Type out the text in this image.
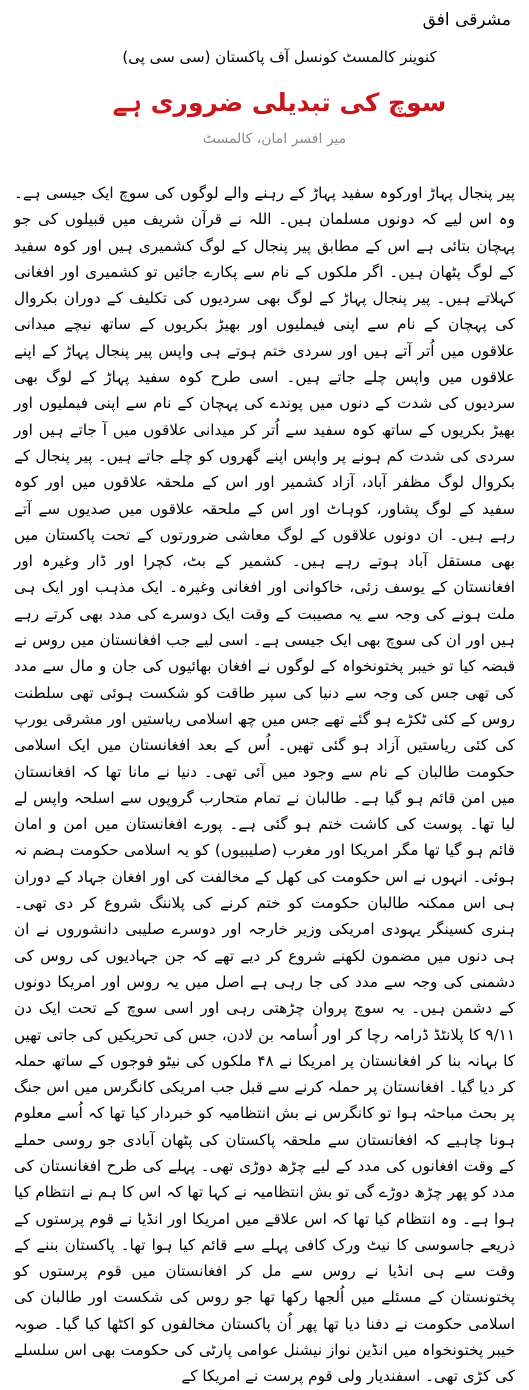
مشرقی افق
کنوینر کالمسٹ کونسل آف پاکستان (سی سی پی)
سوچ کی تبدیلی ضروری ہے
میر افسر امان، کالمسٹ

پیر پنجال پہاڑ اورکوہ سفید پہاڑ کے رہنے والے لوگوں کی سوچ ایک جیسی ہے۔ وہ اس لیے کہ دونوں مسلمان ہیں۔ اللہ نے قرآن شریف میں قبیلوں کی جو پہچان بتائی ہے اس کے مطابق پیر پنجال کے لوگ کشمیری ہیں اور کوہ سفید کے لوگ پٹھان ہیں۔ اگر ملکوں کے نام سے پکارے جائیں تو کشمیری اور افغانی کہلاتے ہیں۔ پیر پنجال پہاڑ کے لوگ بھی سردیوں کی تکلیف کے دوران بکروال کی پہچان کے نام سے اپنی فیملیوں اور بھیڑ بکریوں کے ساتھ نیچے میدانی علاقوں میں اُتر آتے ہیں اور سردی ختم ہوتے ہی واپس پیر پنجال پہاڑ کے اپنے علاقوں میں واپس چلے جاتے ہیں۔ اسی طرح کوہ سفید پہاڑ کے لوگ بھی سردیوں کی شدت کے دنوں میں پوندے کی پہچان کے نام سے اپنی فیملیوں اور بھیڑ بکریوں کے ساتھ کوہ سفید سے اُتر کر میدانی علاقوں میں آ جاتے ہیں اور سردی کی شدت کم ہونے پر واپس اپنے گھروں کو چلے جاتے ہیں۔ پیر پنجال کے بکروال لوگ مظفر آباد، آزاد کشمیر اور اس کے ملحقہ علاقوں میں اور کوہ سفید کے لوگ پشاور، کوہاٹ اور اس کے ملحقہ علاقوں میں صدیوں سے آتے رہے ہیں۔ ان دونوں علاقوں کے لوگ معاشی ضرورتوں کے تحت پاکستان میں بھی مستقل آباد ہوتے رہے ہیں۔ کشمیر کے بٹ، کچرا اور ڈار وغیرہ اور افغانستان کے یوسف زئی، خاکوانی اور افغانی وغیرہ۔ ایک مذہب اور ایک ہی ملت ہونے کی وجہ سے یہ مصیبت کے وقت ایک دوسرے کی مدد بھی کرتے رہے ہیں اور ان کی سوچ بھی ایک جیسی ہے۔ اسی لیے جب افغانستان میں روس نے قبضہ کیا تو خیبر پختونخواہ کے لوگوں نے افغان بھائیوں کی جان و مال سے مدد کی تھی جس کی وجہ سے دنیا کی سپر طاقت کو شکست ہوئی تھی سلطنت روس کے کئی ٹکڑے ہو گئے تھے جس میں چھ اسلامی ریاستیں اور مشرقی یورپ کی کئی ریاستیں آزاد ہو گئی تھیں۔ اُس کے بعد افغانستان میں ایک اسلامی حکومت طالبان کے نام سے وجود میں آئی تھی۔ دنیا نے مانا تھا کہ افغانستان میں امن قائم ہو گیا ہے۔ طالبان نے تمام متحارب گروپوں سے اسلحہ واپس لے لیا تھا۔ پوست کی کاشت ختم ہو گئی ہے۔ پورے افغانستان میں امن و امان قائم ہو گیا تھا مگر امریکا اور مغرب (صلیبیوں) کو یہ اسلامی حکومت ہضم نہ ہوئی۔ انہوں نے اس حکومت کی کھل کے مخالفت کی اور افغان جہاد کے دوران ہی اس ممکنہ طالبان حکومت کو ختم کرنے کی پلاننگ شروع کر دی تھی۔ ہنری کسینگر یہودی امریکی وزیر خارجہ اور دوسرے صلیبی دانشوروں نے ان ہی دنوں میں مضمون لکھنے شروع کر دیے تھے کہ جن جہادیوں کی روس کی دشمنی کی وجہ سے مدد کی جا رہی ہے اصل میں یہ روس اور امریکا دونوں کے دشمن ہیں۔ یہ سوچ پروان چڑھتی رہی اور اسی سوچ کے تحت ایک دن ۹/۱۱ کا پلانٹڈ ڈرامہ رچا کر اور اُسامہ بن لادن، جس کی تحریکیں کی جاتی تھیں کا بہانہ بنا کر افغانستان پر امریکا نے ۴۸ ملکوں کی نیٹو فوجوں کے ساتھ حملہ کر دیا گیا۔ افغانستان پر حملہ کرنے سے قبل جب امریکی کانگرس میں اس جنگ پر بحث مباحثہ ہوا تو کانگرس نے بش انتظامیہ کو خبردار کیا تھا کہ اُسے معلوم ہونا چاہیے کہ افغانستان سے ملحقہ پاکستان کی پٹھان آبادی جو روسی حملے کے وقت افغانوں کی مدد کے لیے چڑھ دوڑی تھی۔ پہلے کی طرح افغانستان کی مدد کو پھر چڑھ دوڑے گی تو بش انتظامیہ نے کہا تھا کہ اس کا ہم نے انتظام کیا ہوا ہے۔ وہ انتظام کیا تھا کہ اس علاقے میں امریکا اور انڈیا نے قوم پرستوں کے ذریعے جاسوسی کا نیٹ ورک کافی پہلے سے قائم کیا ہوا تھا۔ پاکستان بننے کے وقت سے ہی انڈیا نے روس سے مل کر افغانستان میں قوم پرستوں کو پختونستان کے مسئلے میں اُلجھا رکھا تھا جو روس کی شکست اور طالبان کی اسلامی حکومت نے دفنا دیا تھا پھر اُن پاکستان مخالفوں کو اکٹھا کیا گیا۔ صوبہ خیبر پختونخواہ میں انڈین نواز نیشنل عوامی پارٹی کی حکومت بھی اس سلسلے کی کڑی تھی۔ اسفندیار ولی قوم پرست نے امریکا کے
